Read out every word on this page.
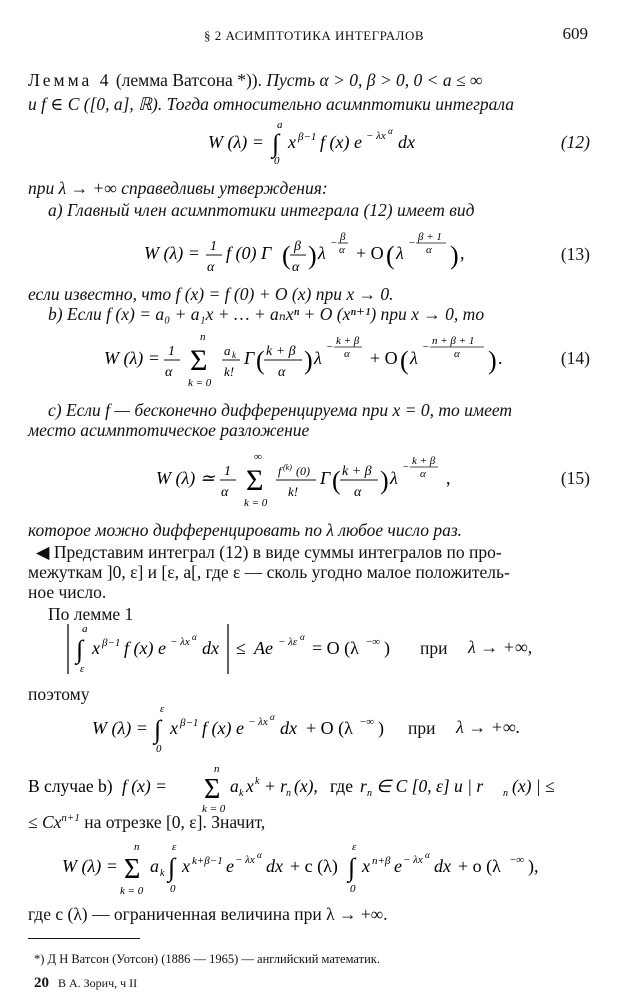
§ 2 АСИМПТОТИКА ИНТЕГРАЛОВ	609
Лемма 4 (лемма Ватсона *)). Пусть α > 0, β > 0, 0 < a ≤ ∞
и f ∈ C ([0, a], ℝ). Тогда относительно асимптотики интеграла
W (λ) =
a
∫
0
x β−1 f (x) e − λx α
dx	(12)
при λ → +∞ справедливы утверждения:
a) Главный член асимптотики интеграла (12) имеет вид
W (λ) = 1
α
f (0) Γ ( β
α ) λ − β
α + O ( λ − β + 1
α ) ,	(13)
если известно, что f (x) = f (0) + O (x) при x → 0.
b) Если f (x) = a₀ + a₁x + … + aₙxⁿ + O (xⁿ⁺¹) при x → 0, то
W (λ) = 1
α
n
Σ
k = 0
a k
k!
Γ ( k + β
α ) λ
− k + β
α + O ( λ
− n + β + 1
α ) .	(14)
c) Если f — бесконечно дифференцируема при x = 0, то имеет
место асимптотическое разложение
W (λ) ≃ 1
α
∞
Σ
k = 0
f (k) (0)
k!
Γ ( k + β
α ) λ
− k + β
α ,	(15)
которое можно дифференцировать по λ любое число раз.
◀ Представим интеграл (12) в виде суммы интегралов по про-
межуткам ]0, ε] и [ε, a[, где ε — сколь угодно малое положитель-
ное число.
По лемме 1
a
∫
ε
x β−1 f (x) e − λx α
dx ≤ Ae − λε α
= O (λ −∞ ) при λ → +∞,
поэтому
W (λ) =
ε
∫
0
x β−1 f (x) e − λx α
dx + O (λ −∞ ) при λ → +∞.
В случае b) f (x) =
n
Σ
k = 0
a k x k + r n (x), где r n ∈ C [0, ε] и | r n (x) | ≤
≤ $Cx^{n+1}$ на отрезке [0, ε]. Значит,
W (λ) =
n
Σ
k = 0
a k
ε
∫
0
x k+β−1 e − λx α
dx + c (λ)
ε
∫
0
x n+β e − λx α
dx + o (λ −∞ ),
где c (λ) — ограниченная величина при λ → +∞.
*) Д Н Ватсон (Уотсон) (1886 — 1965) — английский математик.
20 В А. Зорич, ч II
